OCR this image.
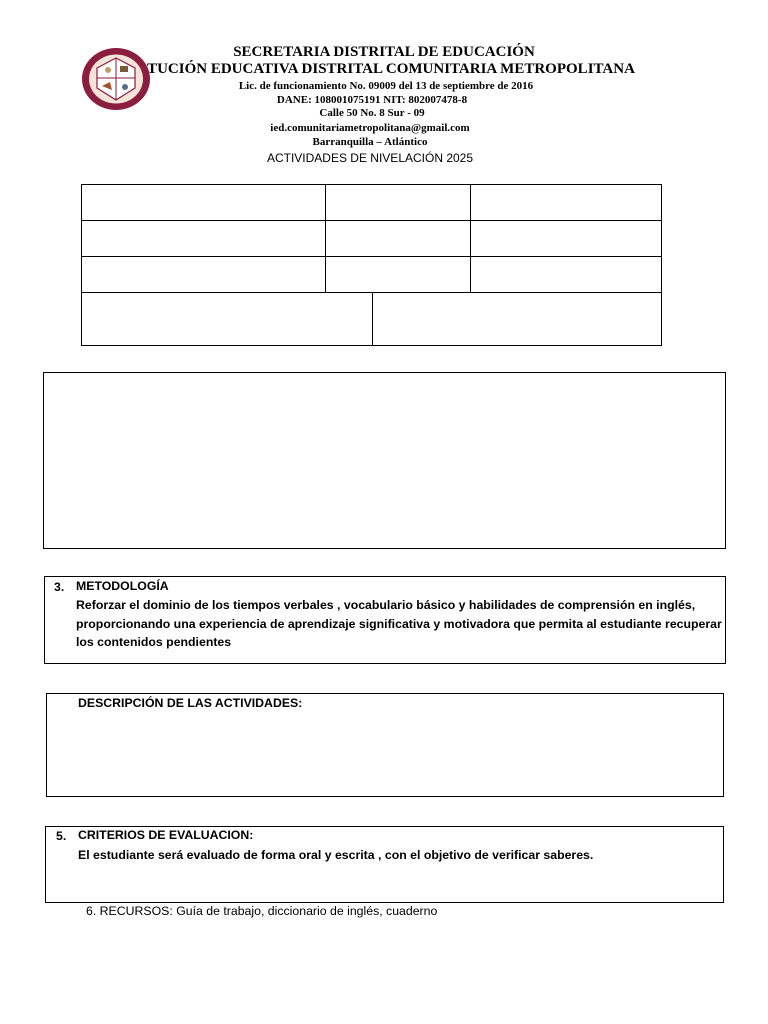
SECRETARIA DISTRITAL DE EDUCACIÓN
TUCIÓN EDUCATIVA DISTRITAL COMUNITARIA METROPOLITANA
Lic. de funcionamiento No. 09009 del 13 de septiembre de 2016
DANE: 108001075191 NIT: 802007478-8
Calle 50 No. 8 Sur - 09
ied.comunitariametropolitana@gmail.com
Barranquilla – Atlántico
ACTIVIDADES DE NIVELACIÓN 2025
3. METODOLOGÍA
Reforzar el dominio de los tiempos verbales , vocabulario básico y habilidades de comprensión en inglés,
proporcionando una experiencia de aprendizaje significativa y motivadora que permita al estudiante recuperar
los contenidos pendientes
DESCRIPCIÓN DE LAS ACTIVIDADES:
5. CRITERIOS DE EVALUACION:
El estudiante será evaluado de forma oral y escrita , con el objetivo de verificar saberes.
6. RECURSOS: Guía de trabajo, diccionario de inglés, cuaderno
